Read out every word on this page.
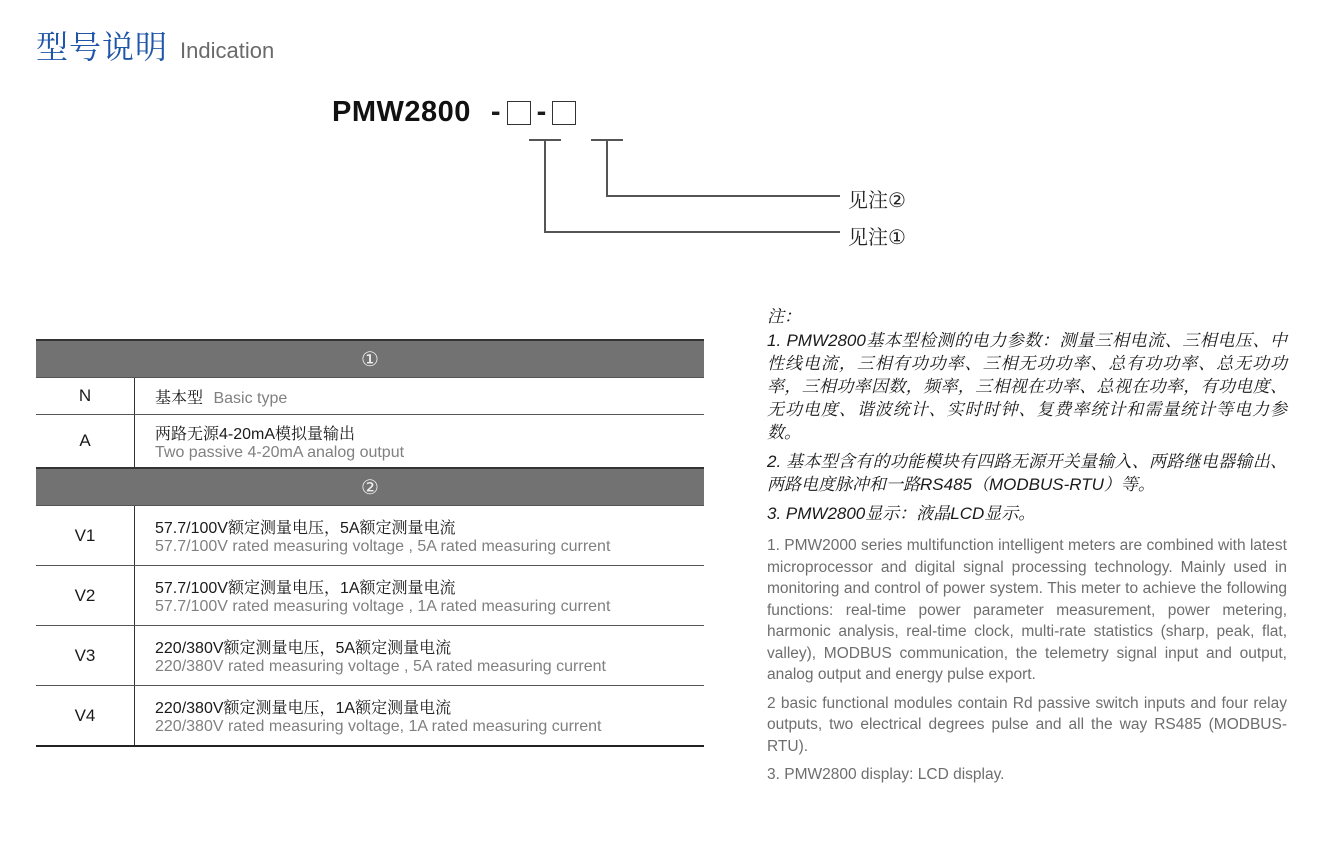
型号说明 Indication
PMW2800 - -
见注②
见注①
①	
N	基本型 Basic type
A	两路无源4-20mA模拟量输出
Two passive 4-20mA analog output

②	
V1	57.7/100V额定测量电压，5A额定测量电流
57.7/100V rated measuring voltage , 5A rated measuring current

V2	57.7/100V额定测量电压，1A额定测量电流
57.7/100V rated measuring voltage , 1A rated measuring current

V3	220/380V额定测量电压，5A额定测量电流
220/380V rated measuring voltage , 5A rated measuring current

V4	220/380V额定测量电压，1A额定测量电流
220/380V rated measuring voltage, 1A rated measuring current
注：
1. PMW2800基本型检测的电力参数：测量三相电流、三相电压、中性线电流，三相有功功率、三相无功功率、总有功功率、总无功功率，三相功率因数，频率，三相视在功率、总视在功率，有功电度、无功电度、谐波统计、实时时钟、复费率统计和需量统计等电力参数。
2. 基本型含有的功能模块有四路无源开关量输入、两路继电器输出、两路电度脉冲和一路RS485（MODBUS-RTU）等。
3. PMW2800显示：液晶LCD显示。
1. PMW2000 series multifunction intelligent meters are combined with latest microprocessor and digital signal processing technology. Mainly used in monitoring and control of power system. This meter to achieve the following functions: real-time power parameter measurement, power metering, harmonic analysis, real-time clock, multi-rate statistics (sharp, peak, flat, valley), MODBUS communication, the telemetry signal input and output, analog output and energy pulse export.
2 basic functional modules contain Rd passive switch inputs and four relay outputs, two electrical degrees pulse and all the way RS485 (MODBUS-RTU).
3. PMW2800 display: LCD display.
